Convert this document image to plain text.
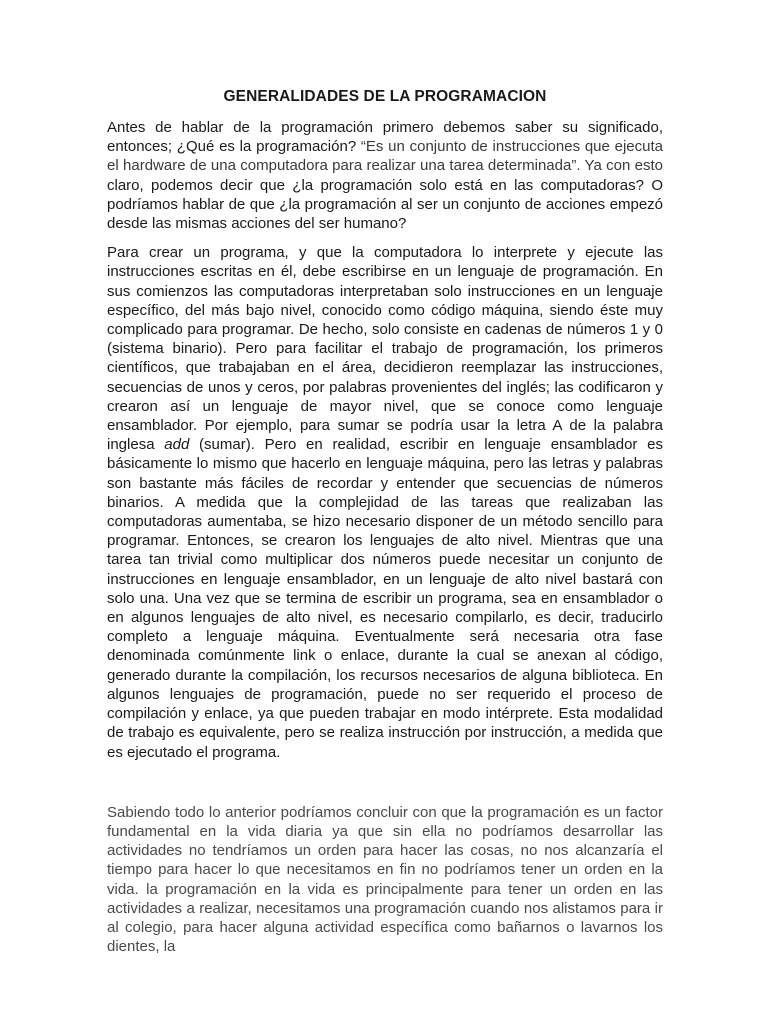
GENERALIDADES DE LA PROGRAMACION

Antes de hablar de la programación primero debemos saber su significado, entonces; ¿Qué es la programación? “Es un conjunto de instrucciones que ejecuta el hardware de una computadora para realizar una tarea determinada”. Ya con esto claro, podemos decir que ¿la programación solo está en las computadoras? O podríamos hablar de que ¿la programación al ser un conjunto de acciones empezó desde las mismas acciones del ser humano?

Para crear un programa, y que la computadora lo interprete y ejecute las instrucciones escritas en él, debe escribirse en un lenguaje de programación. En sus comienzos las computadoras interpretaban solo instrucciones en un lenguaje específico, del más bajo nivel, conocido como código máquina, siendo éste muy complicado para programar. De hecho, solo consiste en cadenas de números 1 y 0 (sistema binario). Pero para facilitar el trabajo de programación, los primeros científicos, que trabajaban en el área, decidieron reemplazar las instrucciones, secuencias de unos y ceros, por palabras provenientes del inglés; las codificaron y crearon así un lenguaje de mayor nivel, que se conoce como lenguaje ensamblador. Por ejemplo, para sumar se podría usar la letra A de la palabra inglesa add (sumar). Pero en realidad, escribir en lenguaje ensamblador es básicamente lo mismo que hacerlo en lenguaje máquina, pero las letras y palabras son bastante más fáciles de recordar y entender que secuencias de números binarios. A medida que la complejidad de las tareas que realizaban las computadoras aumentaba, se hizo necesario disponer de un método sencillo para programar. Entonces, se crearon los lenguajes de alto nivel. Mientras que una tarea tan trivial como multiplicar dos números puede necesitar un conjunto de instrucciones en lenguaje ensamblador, en un lenguaje de alto nivel bastará con solo una. Una vez que se termina de escribir un programa, sea en ensamblador o en algunos lenguajes de alto nivel, es necesario compilarlo, es decir, traducirlo completo a lenguaje máquina. Eventualmente será necesaria otra fase denominada comúnmente link o enlace, durante la cual se anexan al código, generado durante la compilación, los recursos necesarios de alguna biblioteca. En algunos lenguajes de programación, puede no ser requerido el proceso de compilación y enlace, ya que pueden trabajar en modo intérprete. Esta modalidad de trabajo es equivalente, pero se realiza instrucción por instrucción, a medida que es ejecutado el programa.

Sabiendo todo lo anterior podríamos concluir con que la programación es un factor fundamental en la vida diaria ya que sin ella no podríamos desarrollar las actividades no tendríamos un orden para hacer las cosas, no nos alcanzaría el tiempo para hacer lo que necesitamos en fin no podríamos tener un orden en la vida. la programación en la vida es principalmente para tener un orden en las actividades a realizar, necesitamos una programación cuando nos alistamos para ir al colegio, para hacer alguna actividad específica como bañarnos o lavarnos los dientes, la
